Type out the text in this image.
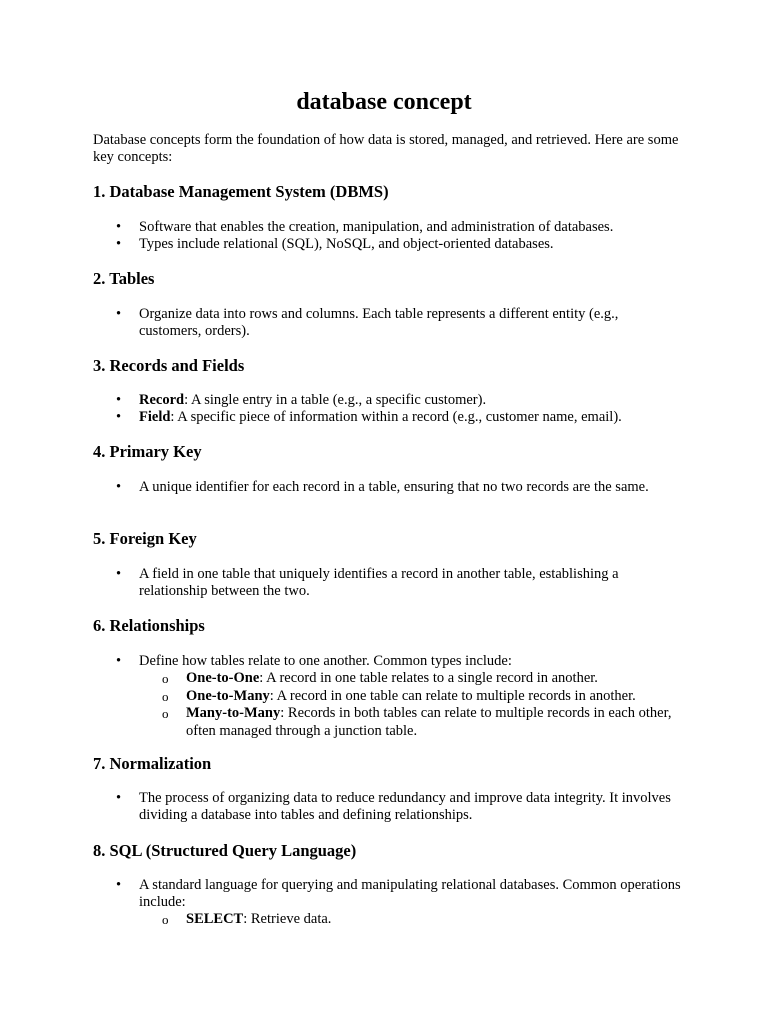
database concept

Database concepts form the foundation of how data is stored, managed, and retrieved. Here are some key concepts:

1. Database Management System (DBMS)
• Software that enables the creation, manipulation, and administration of databases.
• Types include relational (SQL), NoSQL, and object-oriented databases.
2. Tables
• Organize data into rows and columns. Each table represents a different entity (e.g., customers, orders).
3. Records and Fields
• Record: A single entry in a table (e.g., a specific customer).
• Field: A specific piece of information within a record (e.g., customer name, email).
4. Primary Key
• A unique identifier for each record in a table, ensuring that no two records are the same.
5. Foreign Key
• A field in one table that uniquely identifies a record in another table, establishing a relationship between the two.
6. Relationships
• Define how tables relate to one another. Common types include:
o One-to-One: A record in one table relates to a single record in another.
o One-to-Many: A record in one table can relate to multiple records in another.
o Many-to-Many: Records in both tables can relate to multiple records in each other, often managed through a junction table.
7. Normalization
• The process of organizing data to reduce redundancy and improve data integrity. It involves dividing a database into tables and defining relationships.
8. SQL (Structured Query Language)
• A standard language for querying and manipulating relational databases. Common operations include:
o SELECT: Retrieve data.
